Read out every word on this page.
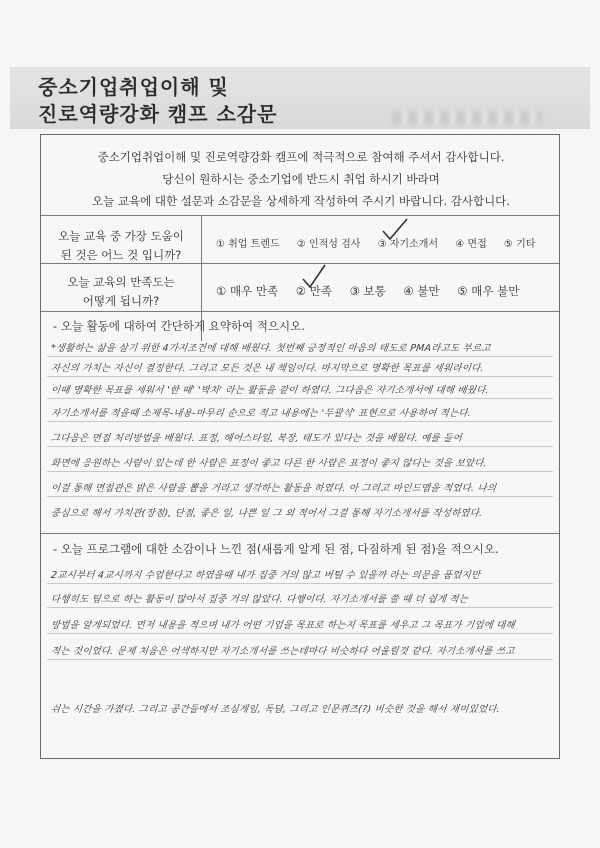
중소기업취업이해 및
진로역량강화 캠프 소감문
중소기업취업이해 및 진로역량강화 캠프에 적극적으로 참여해 주셔서 감사합니다.
당신이 원하시는 중소기업에 반드시 취업 하시기 바라며
오늘 교육에 대한 설문과 소감문을 상세하게 작성하여 주시기 바랍니다. 감사합니다.
오늘 교육 중 가장 도움이
된 것은 어느 것 입니까?
① 취업 트렌드 ② 인적성 검사 ③ 자기소개서 ④ 면접 ⑤ 기타
오늘 교육의 만족도는
어떻게 됩니까?
① 매우 만족 ② 만족 ③ 보통 ④ 불만 ⑤ 매우 불만
- 오늘 활동에 대하여 간단하게 요약하여 적으시오.
*생활하는 삶을 살기 위한 4가지조건에 대해 배웠다. 첫번째 긍정적인 마음의 태도로 PMA라고도 부르고
자신의 가치는 자신이 결정한다. 그리고 모든 것은 내 책임이다. 마지막으로 명확한 목표를 세워라이다.
이때 명확한 목표를 세워서 '한 때' '박차' 라는 활동을 같이 하였다. 그다음은 자기소개서에 대해 배웠다.
자기소개서를 적을때 소제목-내용-마무리 순으로 적고 내용에는 '두괄식' 표현으로 사용하여 적는다.
그다음은 면접 처리방법을 배웠다. 표정, 헤어스타일, 복장, 태도가 있다는 것을 배웠다. 예를 들어
화면에 응원하는 사람이 있는데 한 사람은 표정이 좋고 다른 한 사람은 표정이 좋지 않다는 것을 보았다.
이걸 통해 면접관은 밝은 사람을 뽑을 거라고 생각하는 활동을 하였다. 아 그리고 마인드맵을 적었다. 나의
중심으로 해서 가치관(장점), 단점, 좋은 일, 나쁜 일 그 외 적어서 그걸 통해 자기소개서를 작성하였다.
- 오늘 프로그램에 대한 소감이나 느낀 점(새롭게 알게 된 점, 다짐하게 된 점)을 적으시오.
2교시부터 4교시까지 수업한다고 하였을때 내가 집중 거의 않고 버틸 수 있을까 라는 의문을 품었지만
다행히도 팀으로 하는 활동이 많아서 집중 거의 않았다. 다행이다. 자기소개서를 쓸 때 더 쉽게 적는
방법을 알게되었다. 먼저 내용을 적으며 내가 어떤 기업을 목표로 하는지 목표를 세우고 그 목표가 기업에 대해
적는 것이었다. 문제 처음은 어색하지만 자기소개서를 쓰는데마다 비슷하다 어울릴것 같다. 자기소개서를 쓰고
쉬는 시간을 가졌다. 그리고 공간들에서 조심게임, 독담, 그리고 인문퀴즈(?) 비슷한 것을 해서 재미있었다.
